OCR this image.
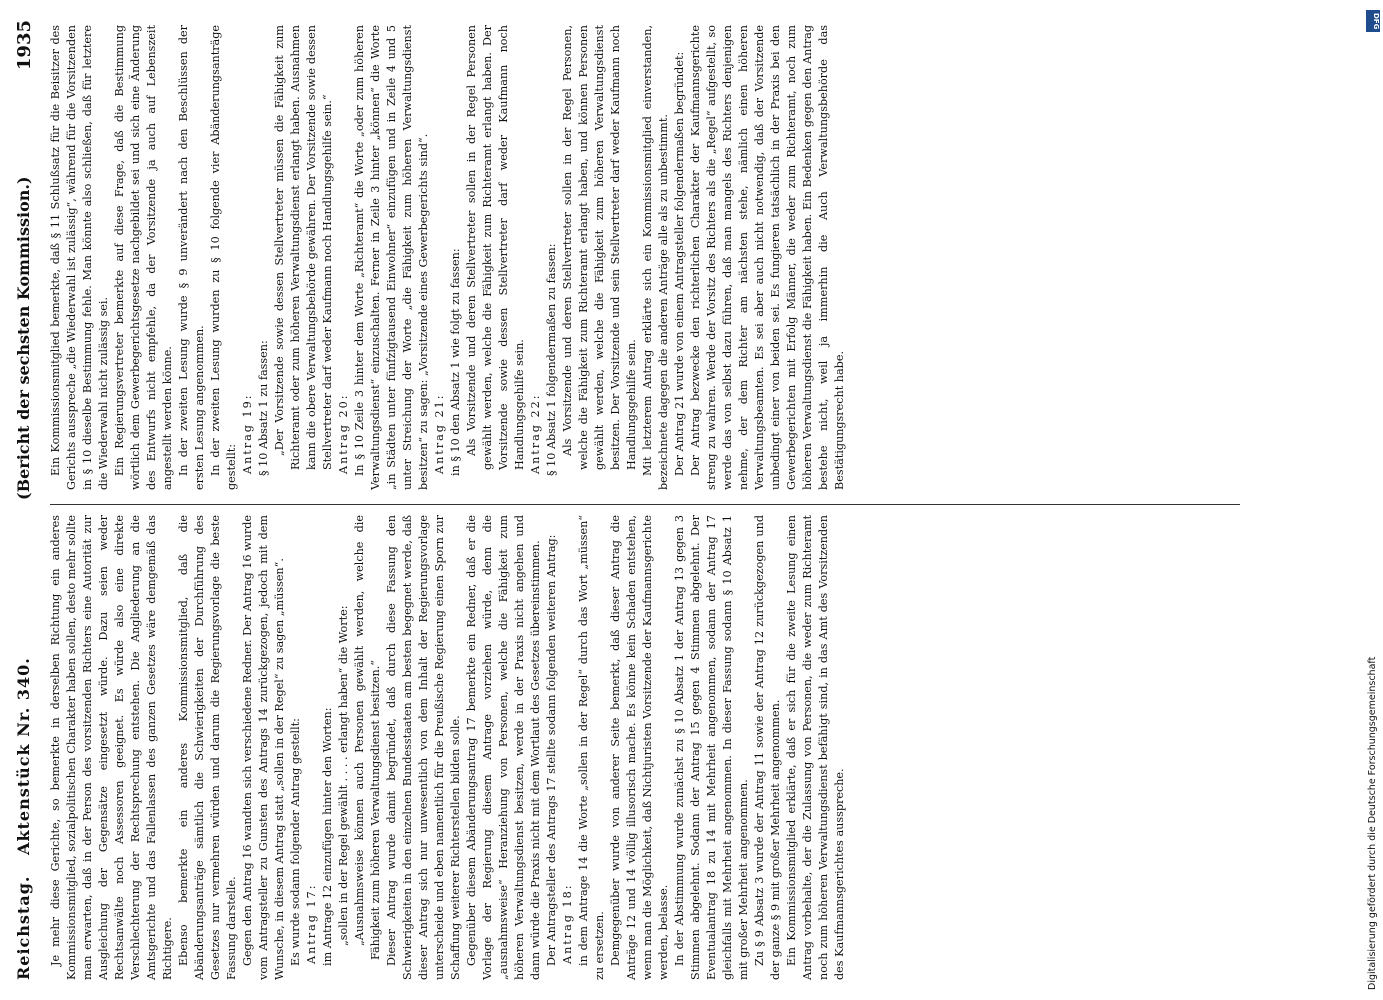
Reichstag. Aktenstück Nr. 340.
(Bericht der sechsten Kommission.)
1935

Je mehr diese Gerichte, so bemerkte in derselben Richtung ein anderes Kommissionsmitglied, sozialpolitischen Charakter haben sollen, desto mehr sollte man erwarten, daß in der Person des vorsitzenden Richters eine Autorität zur Ausgleichung der Gegensätze eingesetzt würde. Dazu seien weder Rechtsanwälte noch Assessoren geeignet. Es würde also eine direkte Verschlechterung der Rechtsprechung entstehen. Die Angliederung an die Amtsgerichte und das Fallenlassen des ganzen Gesetzes wäre demgemäß das Richtigere. Ebenso bemerkte ein anderes Kommissionsmitglied, daß die Abänderungsanträge sämtlich die Schwierigkeiten der Durchführung des Gesetzes nur vermehren würden und darum die Regierungsvorlage die beste Fassung darstelle. Gegen den Antrag 16 wandten sich verschiedene Redner. Der Antrag 16 wurde vom Antragsteller zu Gunsten des Antrags 14 zurückgezogen, jedoch mit dem Wunsche, in diesem Antrag statt „sollen in der Regel“ zu sagen „müssen“. Es wurde sodann folgender Antrag gestellt: Antrag 17: im Antrage 12 einzufügen hinter den Worten: „sollen in der Regel gewählt . . . . erlangt haben“ die Worte: „Ausnahmsweise können auch Personen gewählt werden, welche die Fähigkeit zum höheren Verwaltungsdienst besitzen.“ Dieser Antrag wurde damit begründet, daß durch diese Fassung den Schwierigkeiten in den einzelnen Bundesstaaten am besten begegnet werde, daß dieser Antrag sich nur unwesentlich von dem Inhalt der Regierungsvorlage unterscheide und eben namentlich für die Preußische Regierung einen Sporn zur Schaffung weiterer Richterstellen bilden solle. Gegenüber diesem Abänderungsantrag 17 bemerkte ein Redner, daß er die Vorlage der Regierung diesem Antrage vorziehen würde, denn die „ausnahmsweise“ Heranziehung von Personen, welche die Fähigkeit zum höheren Verwaltungsdienst besitzen, werde in der Praxis nicht angehen und dann würde die Praxis nicht mit dem Wortlaut des Gesetzes übereinstimmen. Der Antragsteller des Antrags 17 stellte sodann folgenden weiteren Antrag: Antrag 18: in dem Antrage 14 die Worte „sollen in der Regel“ durch das Wort „müssen“ zu ersetzen. Demgegenüber wurde von anderer Seite bemerkt, daß dieser Antrag die Anträge 12 und 14 völlig illusorisch mache. Es könne kein Schaden entstehen, wenn man die Möglichkeit, daß Nichtjuristen Vorsitzende der Kaufmannsgerichte werden, belasse. In der Abstimmung wurde zunächst zu § 10 Absatz 1 der Antrag 13 gegen 3 Stimmen abgelehnt. Sodann der Antrag 15 gegen 4 Stimmen abgelehnt. Der Eventualantrag 18 zu 14 mit Mehrheit angenommen, sodann der Antrag 17 gleichfalls mit Mehrheit angenommen. In dieser Fassung sodann § 10 Absatz 1 mit großer Mehrheit angenommen. Zu § 9 Absatz 3 wurde der Antrag 11 sowie der Antrag 12 zurückgezogen und der ganze § 9 mit großer Mehrheit angenommen. Ein Kommissionsmitglied erklärte, daß er sich für die zweite Lesung einen Antrag vorbehalte, der die Zulassung von Personen, die weder zum Richteramt noch zum höheren Verwaltungsdienst befähigt sind, in das Amt des Vorsitzenden des Kaufmannsgerichtes ausspreche.

Ein Kommissionsmitglied bemerkte, daß § 11 Schlußsatz für die Beisitzer des Gerichts ausspreche „die Wiederwahl ist zulässig“, während für die Vorsitzenden in § 10 dieselbe Bestimmung fehle. Man könnte also schließen, daß für letztere die Wiederwahl nicht zulässig sei. Ein Regierungsvertreter bemerkte auf diese Frage, daß die Bestimmung wörtlich dem Gewerbegerichtsgesetze nachgebildet sei und sich eine Änderung des Entwurfs nicht empfehle, da der Vorsitzende ja auch auf Lebenszeit angestellt werden könne. In der zweiten Lesung wurde § 9 unverändert nach den Beschlüssen der ersten Lesung angenommen. In der zweiten Lesung wurden zu § 10 folgende vier Abänderungsanträge gestellt: Antrag 19: § 10 Absatz 1 zu fassen: „Der Vorsitzende sowie dessen Stellvertreter müssen die Fähigkeit zum Richteramt oder zum höheren Verwaltungsdienst erlangt haben. Ausnahmen kann die obere Verwaltungsbehörde gewähren. Der Vorsitzende sowie dessen Stellvertreter darf weder Kaufmann noch Handlungsgehilfe sein.“ Antrag 20: In § 10 Zeile 3 hinter dem Worte „Richteramt“ die Worte „oder zum höheren Verwaltungsdienst“ einzuschalten. Ferner in Zeile 3 hinter „können“ die Worte „in Städten unter fünfzigtausend Einwohner“ einzufügen und in Zeile 4 und 5 unter Streichung der Worte „die Fähigkeit zum höheren Verwaltungsdienst besitzen“ zu sagen: „Vorsitzende eines Gewerbegerichts sind“. Antrag 21: in § 10 den Absatz 1 wie folgt zu fassen: Als Vorsitzende und deren Stellvertreter sollen in der Regel Personen gewählt werden, welche die Fähigkeit zum Richteramt erlangt haben. Der Vorsitzende sowie dessen Stellvertreter darf weder Kaufmann noch Handlungsgehilfe sein. Antrag 22: § 10 Absatz 1 folgendermaßen zu fassen: Als Vorsitzende und deren Stellvertreter sollen in der Regel Personen, welche die Fähigkeit zum Richteramt erlangt haben, und können Personen gewählt werden, welche die Fähigkeit zum höheren Verwaltungsdienst besitzen. Der Vorsitzende und sein Stellvertreter darf weder Kaufmann noch Handlungsgehilfe sein. Mit letzterem Antrag erklärte sich ein Kommissionsmitglied einverstanden, bezeichnete dagegen die anderen Anträge alle als zu unbestimmt. Der Antrag 21 wurde von einem Antragsteller folgendermaßen begründet: Der Antrag bezwecke den richterlichen Charakter der Kaufmannsgerichte streng zu wahren. Werde der Vorsitz des Richters als die „Regel“ aufgestellt, so werde das von selbst dazu führen, daß man mangels des Richters denjenigen nehme, der dem Richter am nächsten stehe, nämlich einen höheren Verwaltungsbeamten. Es sei aber auch nicht notwendig, daß der Vorsitzende unbedingt einer von beiden sei. Es fungieren tatsächlich in der Praxis bei den Gewerbegerichten mit Erfolg Männer, die weder zum Richteramt, noch zum höheren Verwaltungsdienst die Fähigkeit haben. Ein Bedenken gegen den Antrag bestehe nicht, weil ja immerhin die Auch Verwaltungsbehörde das Bestätigungsrecht habe.

Digitalisierung gefördert durch die Deutsche Forschungsgemeinschaft
DFG
